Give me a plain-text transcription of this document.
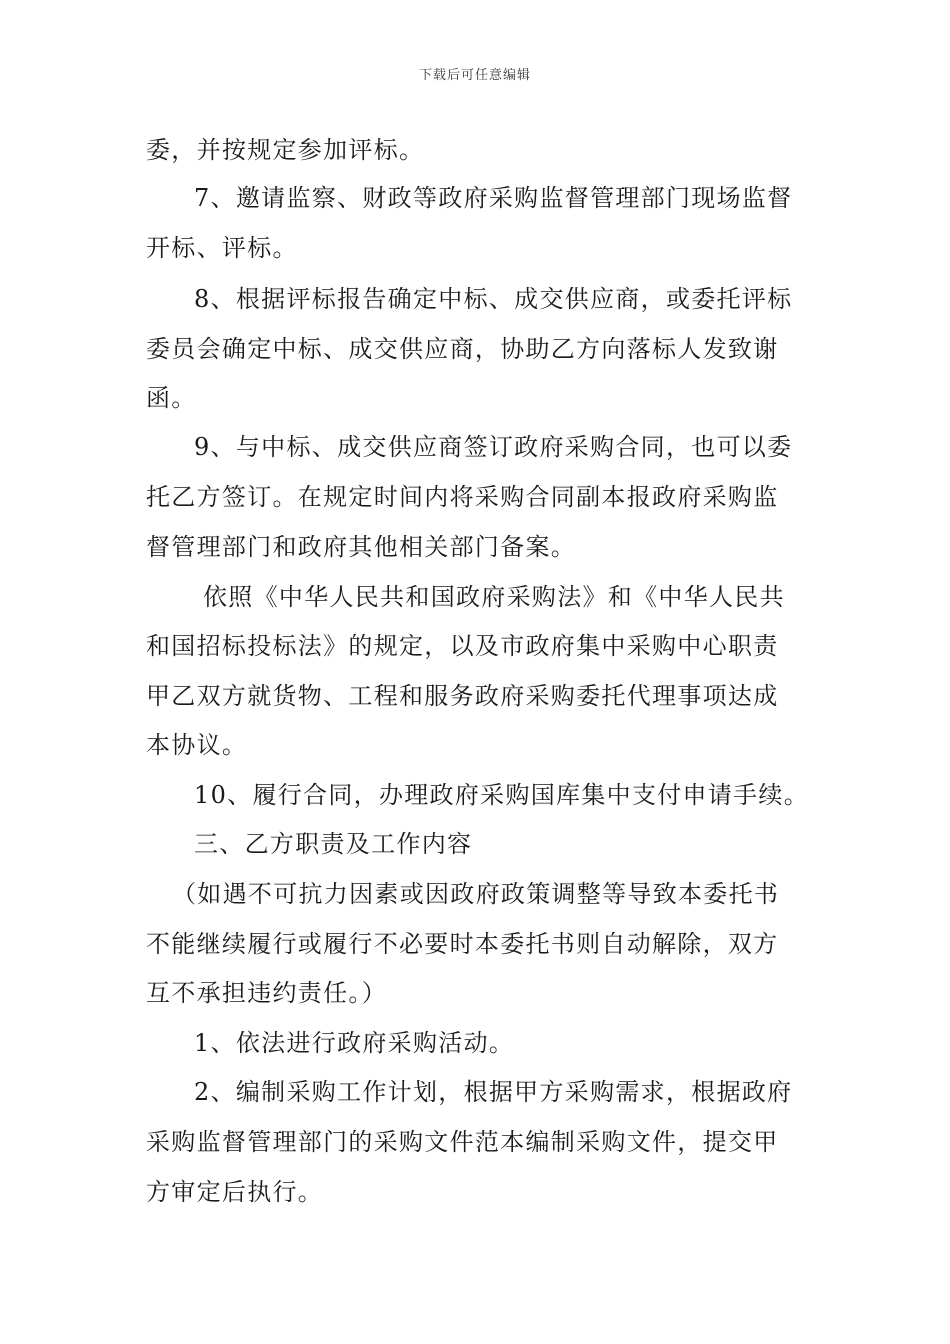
下载后可任意编辑
委，并按规定参加评标。
7、邀请监察、财政等政府采购监督管理部门现场监督
开标、评标。
8、根据评标报告确定中标、成交供应商，或委托评标
委员会确定中标、成交供应商，协助乙方向落标人发致谢
函。
9、与中标、成交供应商签订政府采购合同，也可以委
托乙方签订。在规定时间内将采购合同副本报政府采购监
督管理部门和政府其他相关部门备案。
依照《中华人民共和国政府采购法》和《中华人民共
和国招标投标法》的规定，以及市政府集中采购中心职责
甲乙双方就货物、工程和服务政府采购委托代理事项达成
本协议。
10、履行合同，办理政府采购国库集中支付申请手续。
三、乙方职责及工作内容
（如遇不可抗力因素或因政府政策调整等导致本委托书
不能继续履行或履行不必要时本委托书则自动解除，双方
互不承担违约责任。）
1、依法进行政府采购活动。
2、编制采购工作计划，根据甲方采购需求，根据政府
采购监督管理部门的采购文件范本编制采购文件，提交甲
方审定后执行。
